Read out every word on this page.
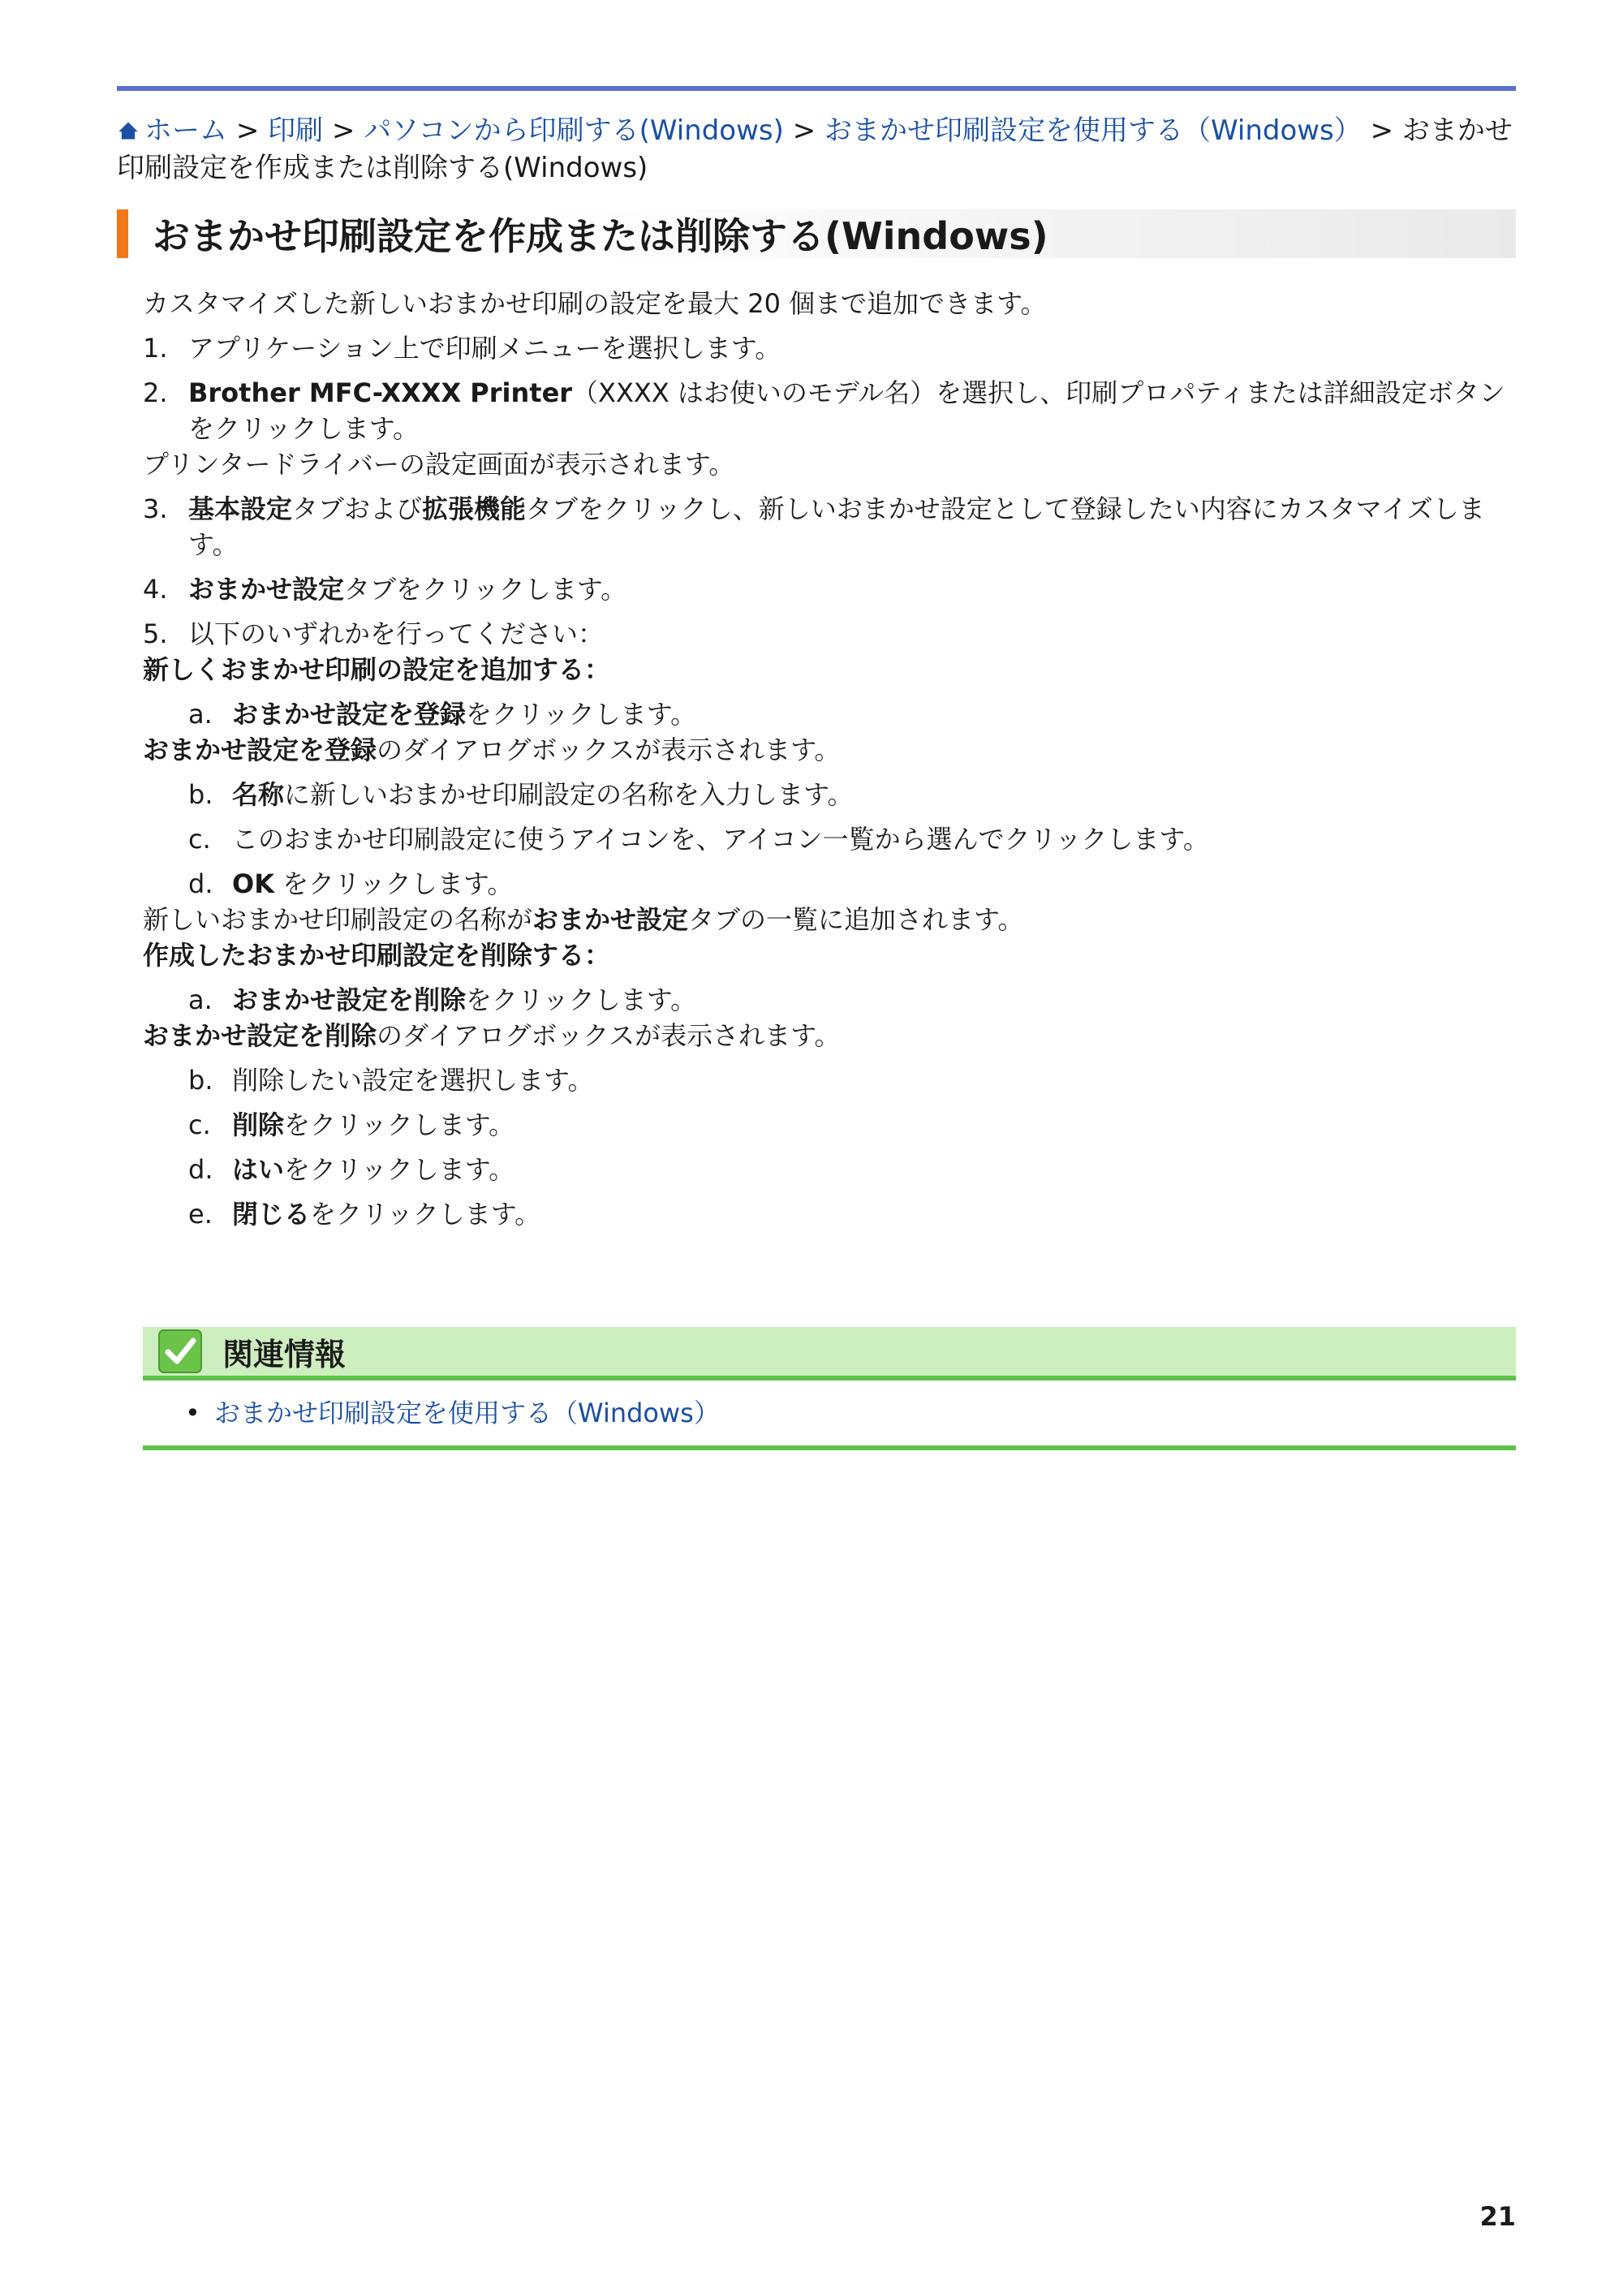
ホーム > 印刷 > パソコンから印刷する(Windows) > おまかせ印刷設定を使用する（Windows） > おまかせ
印刷設定を作成または削除する(Windows)
おまかせ印刷設定を作成または削除する(Windows)

カスタマイズした新しいおまかせ印刷の設定を最大 20 個まで追加できます。

1. アプリケーション上で印刷メニューを選択します。
2. Brother MFC-XXXX Printer（XXXX はお使いのモデル名）を選択し、印刷プロパティまたは詳細設定ボタンをクリックします。

プリンタードライバーの設定画面が表示されます。

3. 基本設定タブおよび拡張機能タブをクリックし、新しいおまかせ設定として登録したい内容にカスタマイズします。
4. おまかせ設定タブをクリックします。
5. 以下のいずれかを行ってください：

新しくおまかせ印刷の設定を追加する：

a. おまかせ設定を登録をクリックします。

おまかせ設定を登録のダイアログボックスが表示されます。

b. 名称に新しいおまかせ印刷設定の名称を入力します。
c. このおまかせ印刷設定に使うアイコンを、アイコン一覧から選んでクリックします。
d. OK をクリックします。

新しいおまかせ印刷設定の名称がおまかせ設定タブの一覧に追加されます。

作成したおまかせ印刷設定を削除する：

a. おまかせ設定を削除をクリックします。

おまかせ設定を削除のダイアログボックスが表示されます。

b. 削除したい設定を選択します。
c. 削除をクリックします。
d. はいをクリックします。
e. 閉じるをクリックします。
関連情報
• おまかせ印刷設定を使用する（Windows）
21
